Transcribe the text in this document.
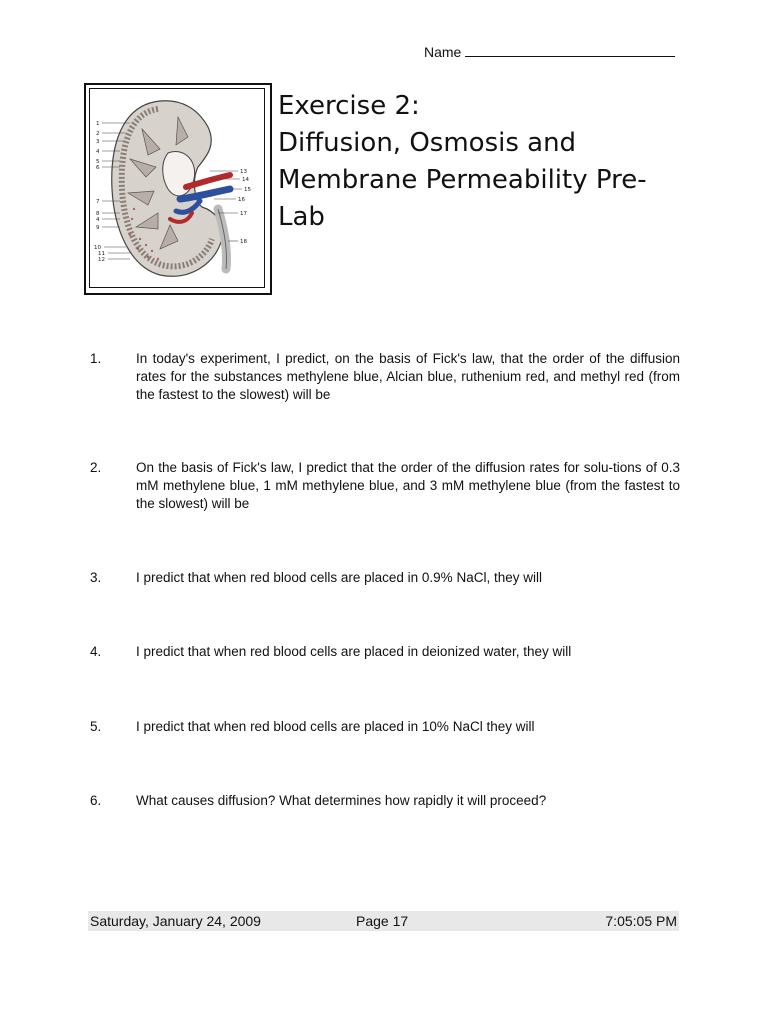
Name
1
2
3
4
5
6
7
8
4
9
10
11
12
13
14
15
16
17
18
Exercise 2:
Diffusion, Osmosis and
Membrane Permeability Pre-
Lab
1.	In today's experiment, I predict, on the basis of Fick's law, that the order of the diffusion rates for the substances methylene blue, Alcian blue, ruthenium red, and methyl red (from the fastest to the slowest) will be
2.	On the basis of Fick's law, I predict that the order of the diffusion rates for solu-tions of 0.3 mM methylene blue, 1 mM methylene blue, and 3 mM methylene blue (from the fastest to the slowest) will be
3.	I predict that when red blood cells are placed in 0.9% NaCl, they will
4.	I predict that when red blood cells are placed in deionized water, they will
5.	I predict that when red blood cells are placed in 10% NaCl they will
6.	What causes diffusion? What determines how rapidly it will proceed?
Saturday, January 24, 2009	Page 17	7:05:05 PM
